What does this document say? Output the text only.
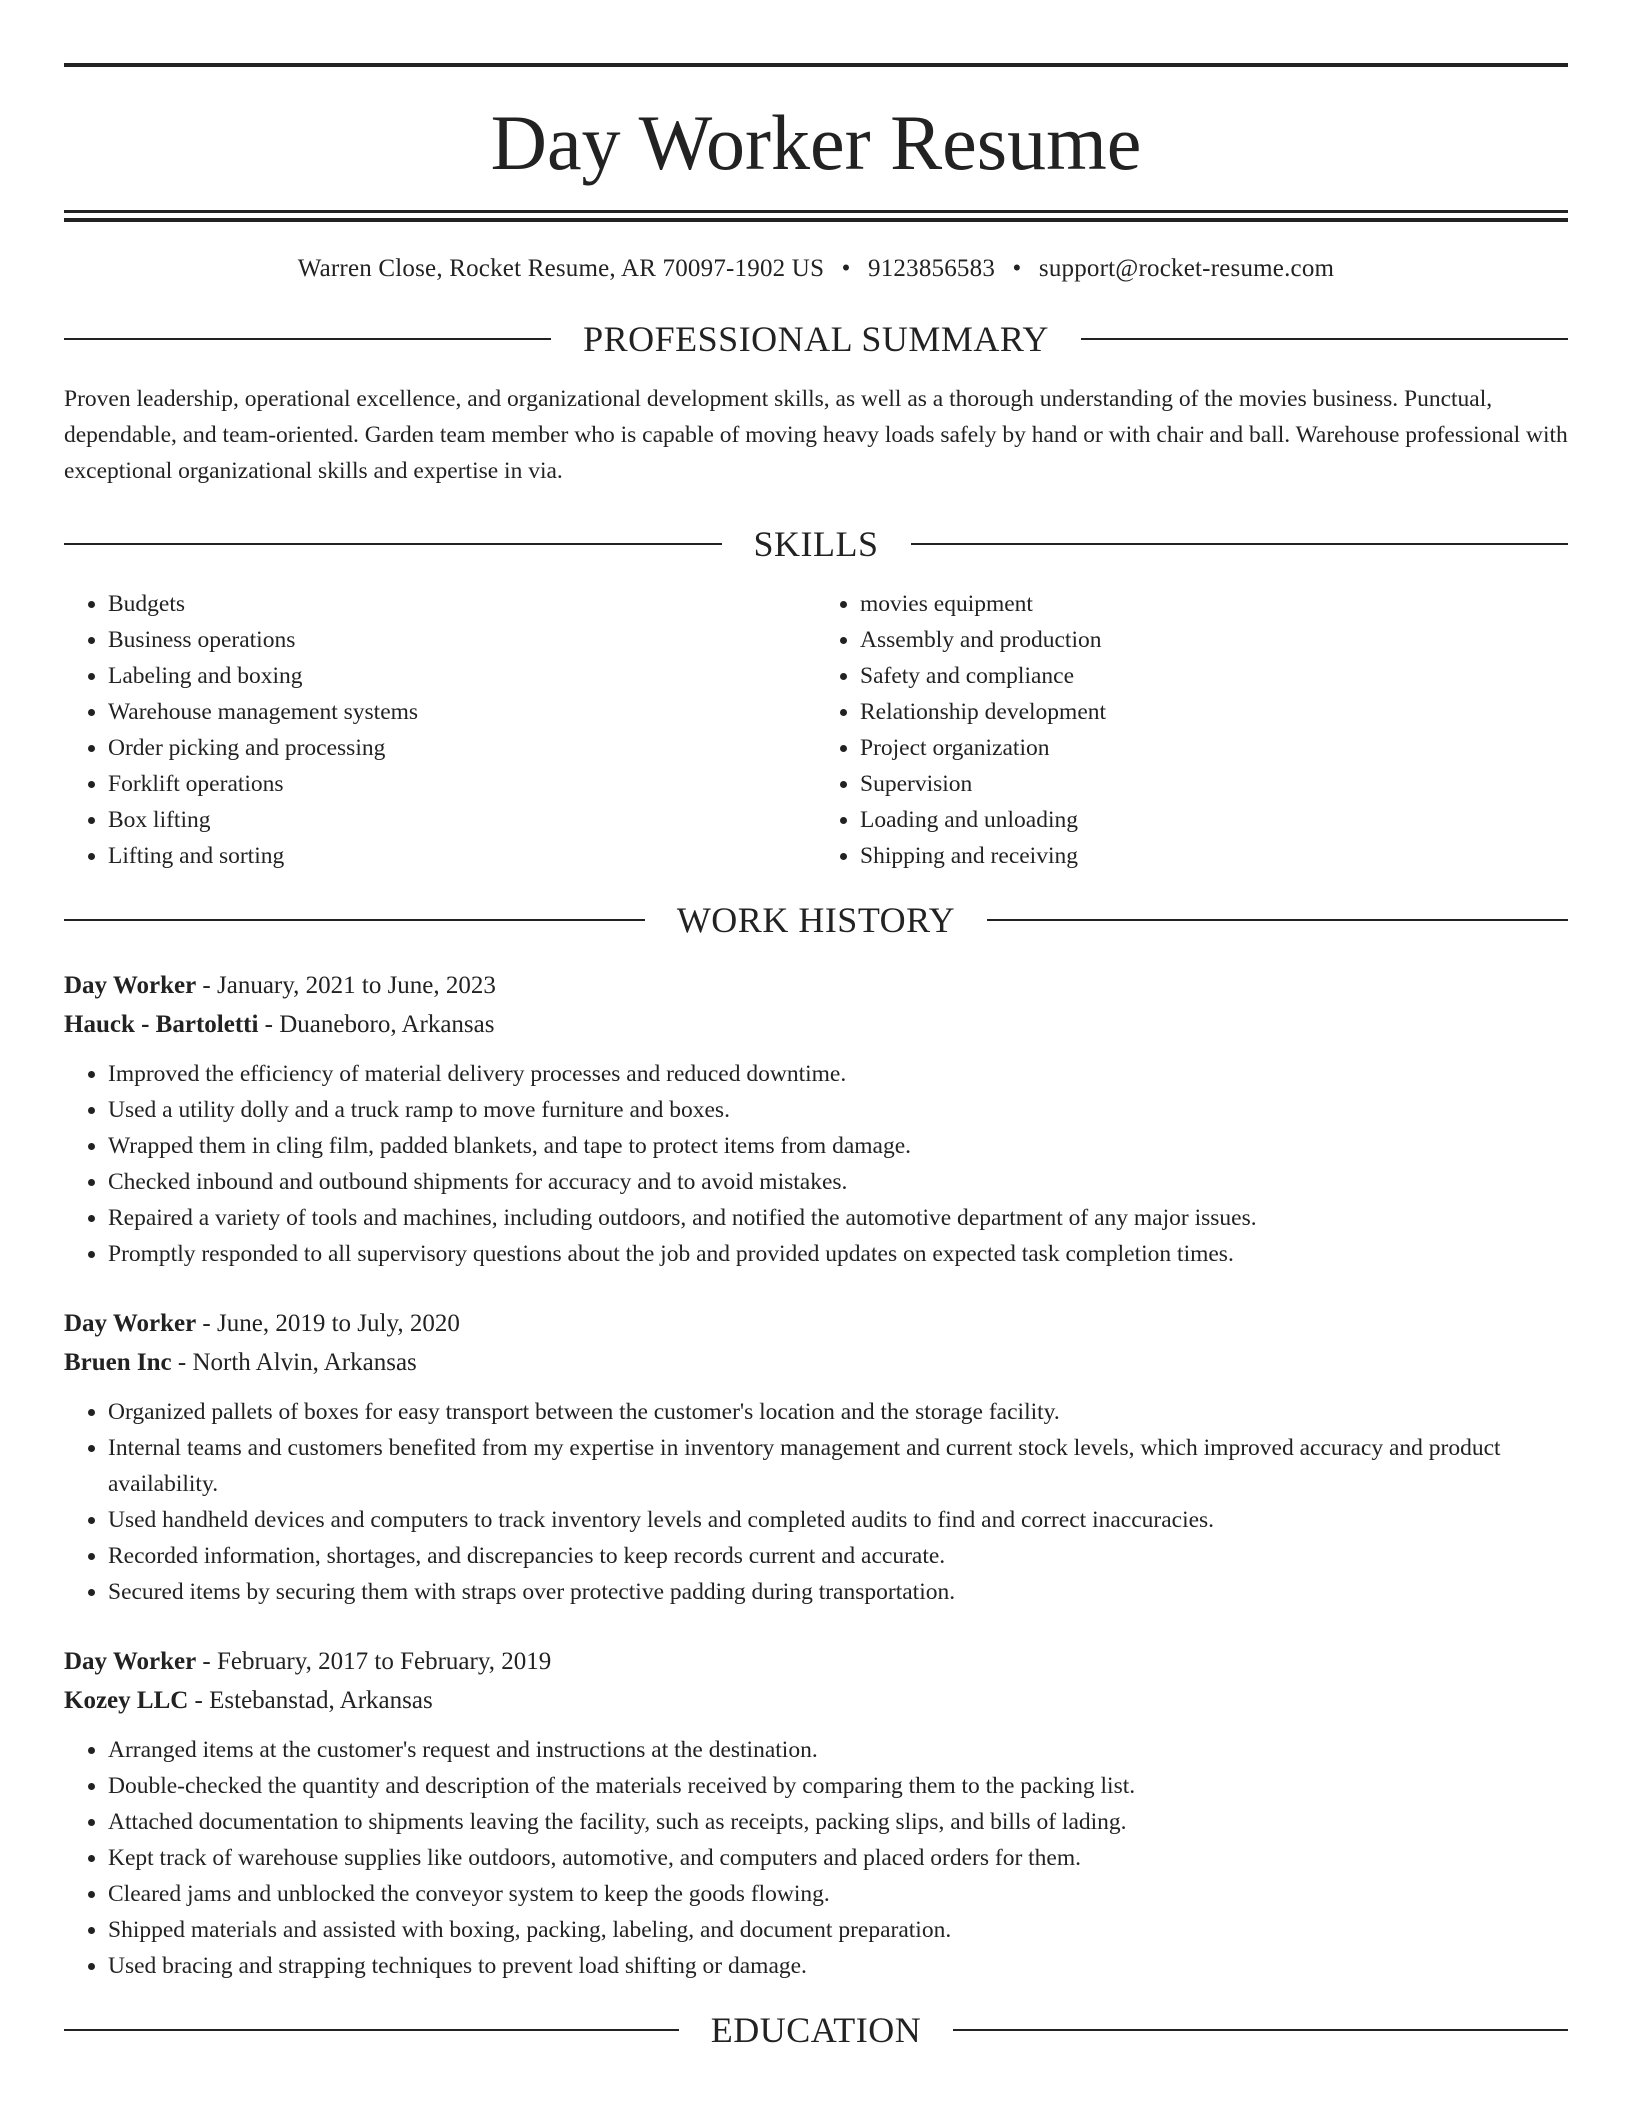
Day Worker Resume
Warren Close, Rocket Resume, AR 70097-1902 US • 9123856583 • support@rocket-resume.com
PROFESSIONAL SUMMARY
Proven leadership, operational excellence, and organizational development skills, as well as a thorough understanding of the movies business. Punctual, dependable, and team-oriented. Garden team member who is capable of moving heavy loads safely by hand or with chair and ball. Warehouse professional with exceptional organizational skills and expertise in via.
SKILLS
• Budgets
• Business operations
• Labeling and boxing
• Warehouse management systems
• Order picking and processing
• Forklift operations
• Box lifting
• Lifting and sorting
• movies equipment
• Assembly and production
• Safety and compliance
• Relationship development
• Project organization
• Supervision
• Loading and unloading
• Shipping and receiving
WORK HISTORY
Day Worker - January, 2021 to June, 2023
Hauck - Bartoletti - Duaneboro, Arkansas
• Improved the efficiency of material delivery processes and reduced downtime.
• Used a utility dolly and a truck ramp to move furniture and boxes.
• Wrapped them in cling film, padded blankets, and tape to protect items from damage.
• Checked inbound and outbound shipments for accuracy and to avoid mistakes.
• Repaired a variety of tools and machines, including outdoors, and notified the automotive department of any major issues.
• Promptly responded to all supervisory questions about the job and provided updates on expected task completion times.
Day Worker - June, 2019 to July, 2020
Bruen Inc - North Alvin, Arkansas
• Organized pallets of boxes for easy transport between the customer's location and the storage facility.
• Internal teams and customers benefited from my expertise in inventory management and current stock levels, which improved accuracy and product availability.
• Used handheld devices and computers to track inventory levels and completed audits to find and correct inaccuracies.
• Recorded information, shortages, and discrepancies to keep records current and accurate.
• Secured items by securing them with straps over protective padding during transportation.
Day Worker - February, 2017 to February, 2019
Kozey LLC - Estebanstad, Arkansas
• Arranged items at the customer's request and instructions at the destination.
• Double-checked the quantity and description of the materials received by comparing them to the packing list.
• Attached documentation to shipments leaving the facility, such as receipts, packing slips, and bills of lading.
• Kept track of warehouse supplies like outdoors, automotive, and computers and placed orders for them.
• Cleared jams and unblocked the conveyor system to keep the goods flowing.
• Shipped materials and assisted with boxing, packing, labeling, and document preparation.
• Used bracing and strapping techniques to prevent load shifting or damage.
EDUCATION
